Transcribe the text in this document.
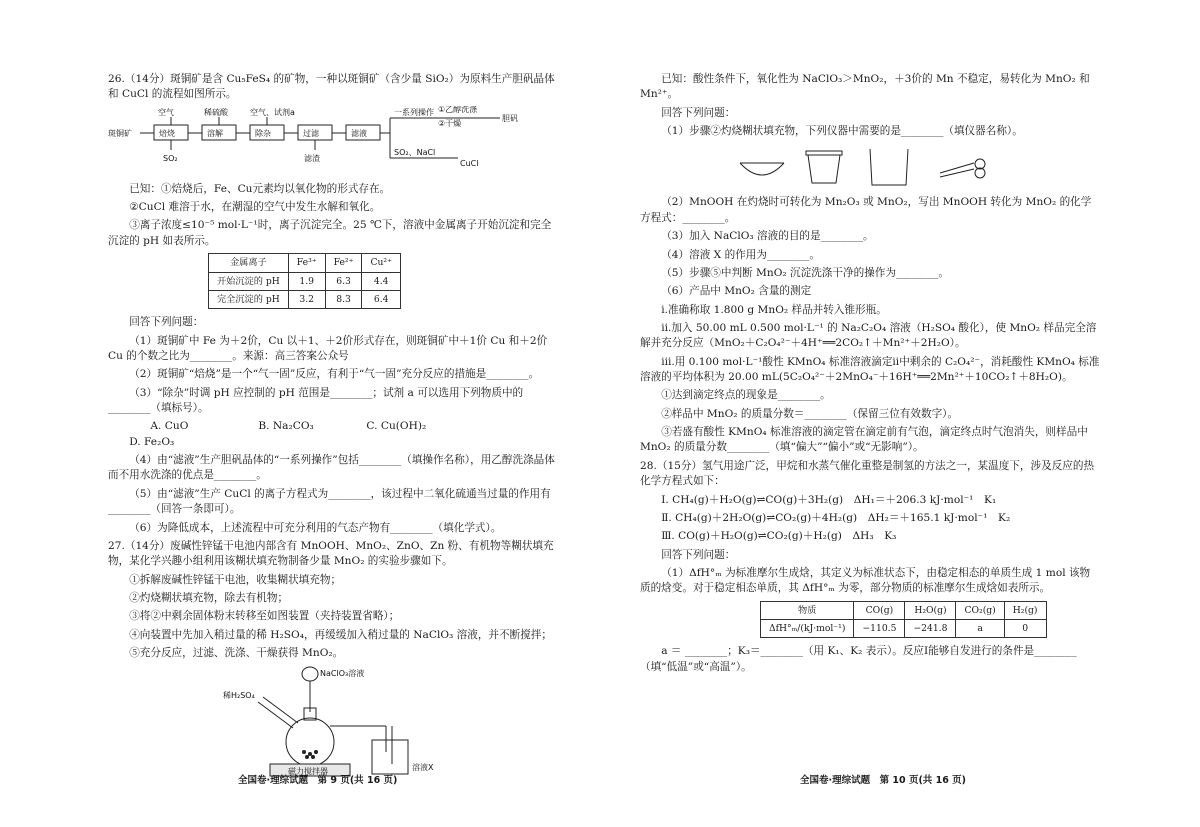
26.（14分）斑铜矿是含 Cu₅FeS₄ 的矿物，一种以斑铜矿（含少量 SiO₂）为原料生产胆矾晶体和 CuCl 的流程如图所示。

斑铜矿	焙烧	溶解	除杂	过滤	滤液
空气	稀硫酸	空气、试剂a
SO₂	滤渣
一系列操作
SO₂、NaCl
CuCl
①乙醇洗涤
②干燥
胆矾

已知：①焙烧后，Fe、Cu元素均以氧化物的形式存在。

②CuCl 难溶于水，在潮湿的空气中发生水解和氧化。

③离子浓度≤10⁻⁵ mol·L⁻¹时，离子沉淀完全。25 ℃下，溶液中金属离子开始沉淀和完全沉淀的 pH 如表所示。

金属离子	Fe³⁺	Fe²⁺	Cu²⁺
开始沉淀的 pH	1.9	6.3	4.4
完全沉淀的 pH	3.2	8.3	6.4

回答下列问题：

（1）斑铜矿中 Fe 为＋2价，Cu 以＋1、＋2价形式存在，则斑铜矿中＋1价 Cu 和＋2价 Cu 的个数之比为________。来源：高三答案公众号

（2）斑铜矿“焙烧”是一个“气一固”反应，有利于“气一固”充分反应的措施是________。

（3）“除杂”时调 pH 应控制的 pH 范围是________；试剂 a 可以选用下列物质中的________（填标号）。

A. CuO	B. Na₂CO₃	C. Cu(OH)₂D. Fe₂O₃

（4）由“滤液”生产胆矾晶体的“一系列操作”包括________（填操作名称），用乙醇洗涤晶体而不用水洗涤的优点是________。

（5）由“滤液”生产 CuCl 的离子方程式为________，该过程中二氧化硫通当过量的作用有________（回答一条即可）。

（6）为降低成本，上述流程中可充分利用的气态产物有________（填化学式）。

27.（14分）废碱性锌锰干电池内部含有 MnOOH、MnO₂、ZnO、Zn 粉、有机物等糊状填充物，某化学兴趣小组利用该糊状填充物制备少量 MnO₂ 的实验步骤如下。

①拆解废碱性锌锰干电池，收集糊状填充物；

②灼烧糊状填充物，除去有机物；

③将②中剩余固体粉末转移至如图装置（夹持装置省略）；

④向装置中先加入稍过量的稀 H₂SO₄，再缓缓加入稍过量的 NaClO₃ 溶液，并不断搅拌；

⑤充分反应，过滤、洗涤、干燥获得 MnO₂。

NaClO₃溶液
稀H₂SO₄
磁力搅拌器	溶液X
全国卷·理综试题　第 9 页(共 16 页)

已知：酸性条件下，氧化性为 NaClO₃＞MnO₂，＋3价的 Mn 不稳定，易转化为 MnO₂ 和 Mn²⁺。

回答下列问题：

（1）步骤②灼烧糊状填充物，下列仪器中需要的是________（填仪器名称）。

（2）MnOOH 在灼烧时可转化为 Mn₂O₃ 或 MnO₂，写出 MnOOH 转化为 MnO₂ 的化学方程式：________。

（3）加入 NaClO₃ 溶液的目的是________。

（4）溶液 X 的作用为________。

（5）步骤⑤中判断 MnO₂ 沉淀洗涤干净的操作为________。

（6）产品中 MnO₂ 含量的测定

ⅰ.准确称取 1.800 g MnO₂ 样品并转入锥形瓶。

ⅱ.加入 50.00 mL 0.500 mol·L⁻¹ 的 Na₂C₂O₄ 溶液（H₂SO₄ 酸化），使 MnO₂ 样品完全溶解并充分反应（MnO₂＋C₂O₄²⁻＋4H⁺══2CO₂↑＋Mn²⁺＋2H₂O）。

ⅲ.用 0.100 mol·L⁻¹酸性 KMnO₄ 标准溶液滴定ⅱ中剩余的 C₂O₄²⁻，消耗酸性 KMnO₄ 标准溶液的平均体积为 20.00 mL(5C₂O₄²⁻＋2MnO₄⁻＋16H⁺══2Mn²⁺＋10CO₂↑＋8H₂O)。

①达到滴定终点的现象是________。

②样品中 MnO₂ 的质量分数＝________（保留三位有效数字）。

③若盛有酸性 KMnO₄ 标准溶液的滴定管在滴定前有气泡，滴定终点时气泡消失，则样品中 MnO₂ 的质量分数________（填“偏大”“偏小”或“无影响”）。

28.（15分）氢气用途广泛，甲烷和水蒸气催化重整是制氢的方法之一，某温度下，涉及反应的热化学方程式如下：

Ⅰ. CH₄(g)＋H₂O(g)⇌CO(g)＋3H₂(g)　ΔH₁＝＋206.3 kJ·mol⁻¹　K₁

Ⅱ. CH₄(g)＋2H₂O(g)⇌CO₂(g)＋4H₂(g)　ΔH₂＝＋165.1 kJ·mol⁻¹　K₂

Ⅲ. CO(g)＋H₂O(g)⇌CO₂(g)＋H₂(g)　ΔH₃　K₃

回答下列问题：

（1）ΔfH°ₘ 为标准摩尔生成焓，其定义为标准状态下，由稳定相态的单质生成 1 mol 该物质的焓变。对于稳定相态单质，其 ΔfH°ₘ 为零，部分物质的标准摩尔生成焓如表所示。

物质	CO(g)	H₂O(g)	CO₂(g)	H₂(g)
ΔfH°ₘ/(kJ·mol⁻¹)	−110.5	−241.8	a	0

a ＝ ________；K₃＝________（用 K₁、K₂ 表示）。反应Ⅰ能够自发进行的条件是________（填“低温”或“高温”）。

全国卷·理综试题　第 10 页(共 16 页)
